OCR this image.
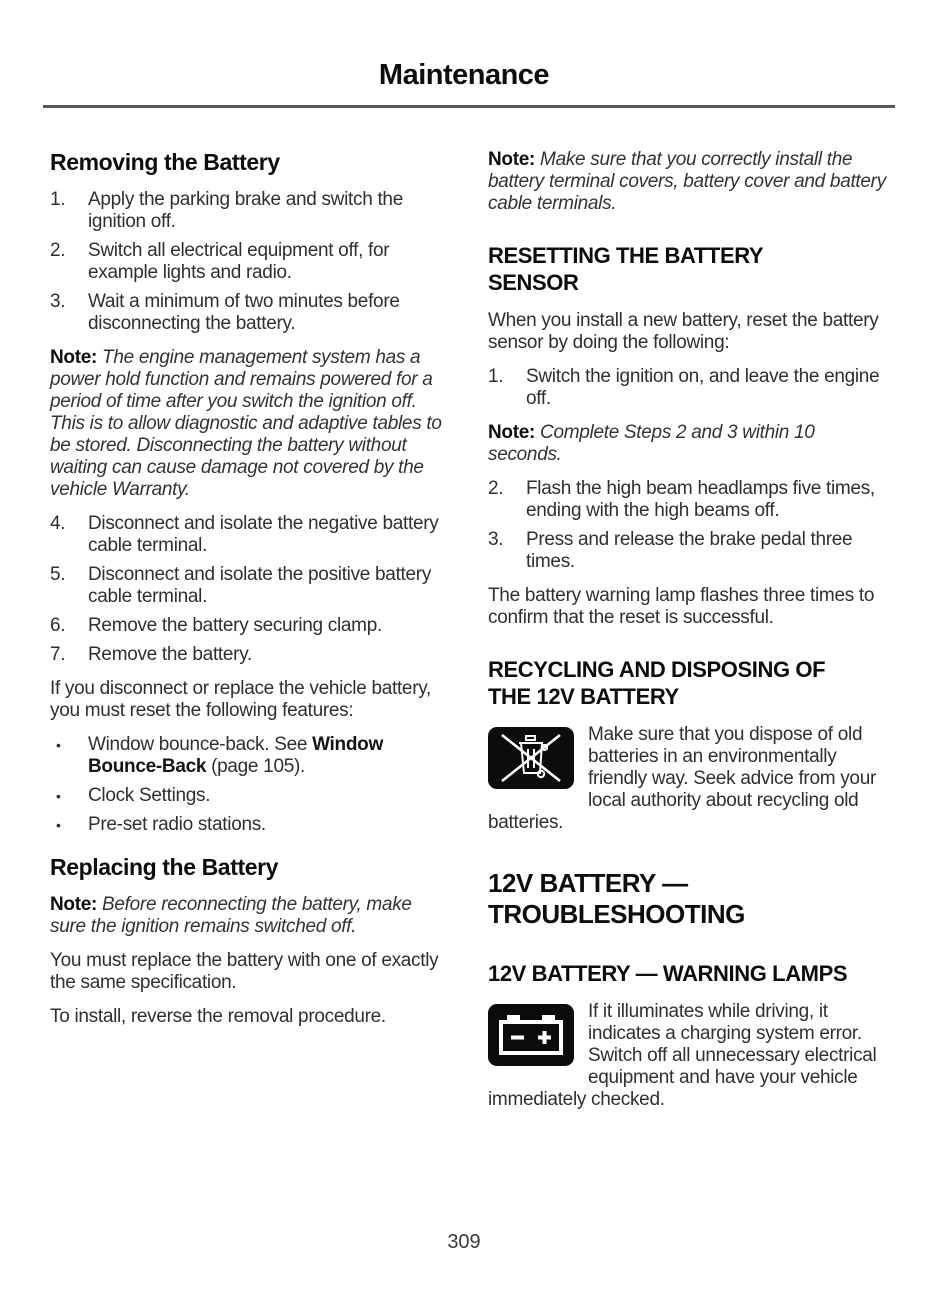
Maintenance
Removing the Battery
1.	Apply the parking brake and switch the ignition off.
2.	Switch all electrical equipment off, for example lights and radio.
3.	Wait a minimum of two minutes before disconnecting the battery.

Note: The engine management system has a power hold function and remains powered for a period of time after you switch the ignition off. This is to allow diagnostic and adaptive tables to be stored. Disconnecting the battery without waiting can cause damage not covered by the vehicle Warranty.

4.	Disconnect and isolate the negative battery cable terminal.
5.	Disconnect and isolate the positive battery cable terminal.
6.	Remove the battery securing clamp.
7.	Remove the battery.

If you disconnect or replace the vehicle battery, you must reset the following features:

•	Window bounce-back. See Window Bounce-Back (page 105).
•	Clock Settings.
•	Pre-set radio stations.
Replacing the Battery

Note: Before reconnecting the battery, make sure the ignition remains switched off.

You must replace the battery with one of exactly the same specification.

To install, reverse the removal procedure.

Note: Make sure that you correctly install the battery terminal covers, battery cover and battery cable terminals.

RESETTING THE BATTERY SENSOR

When you install a new battery, reset the battery sensor by doing the following:

1.	Switch the ignition on, and leave the engine off.

Note: Complete Steps 2 and 3 within 10 seconds.

2.	Flash the high beam headlamps five times, ending with the high beams off.
3.	Press and release the brake pedal three times.

The battery warning lamp flashes three times to confirm that the reset is successful.

RECYCLING AND DISPOSING OF THE 12V BATTERY

Make sure that you dispose of old batteries in an environmentally friendly way. Seek advice from your local authority about recycling old batteries.

12V BATTERY — TROUBLESHOOTING
12V BATTERY — WARNING LAMPS

If it illuminates while driving, it indicates a charging system error. Switch off all unnecessary electrical equipment and have your vehicle immediately checked.

309
